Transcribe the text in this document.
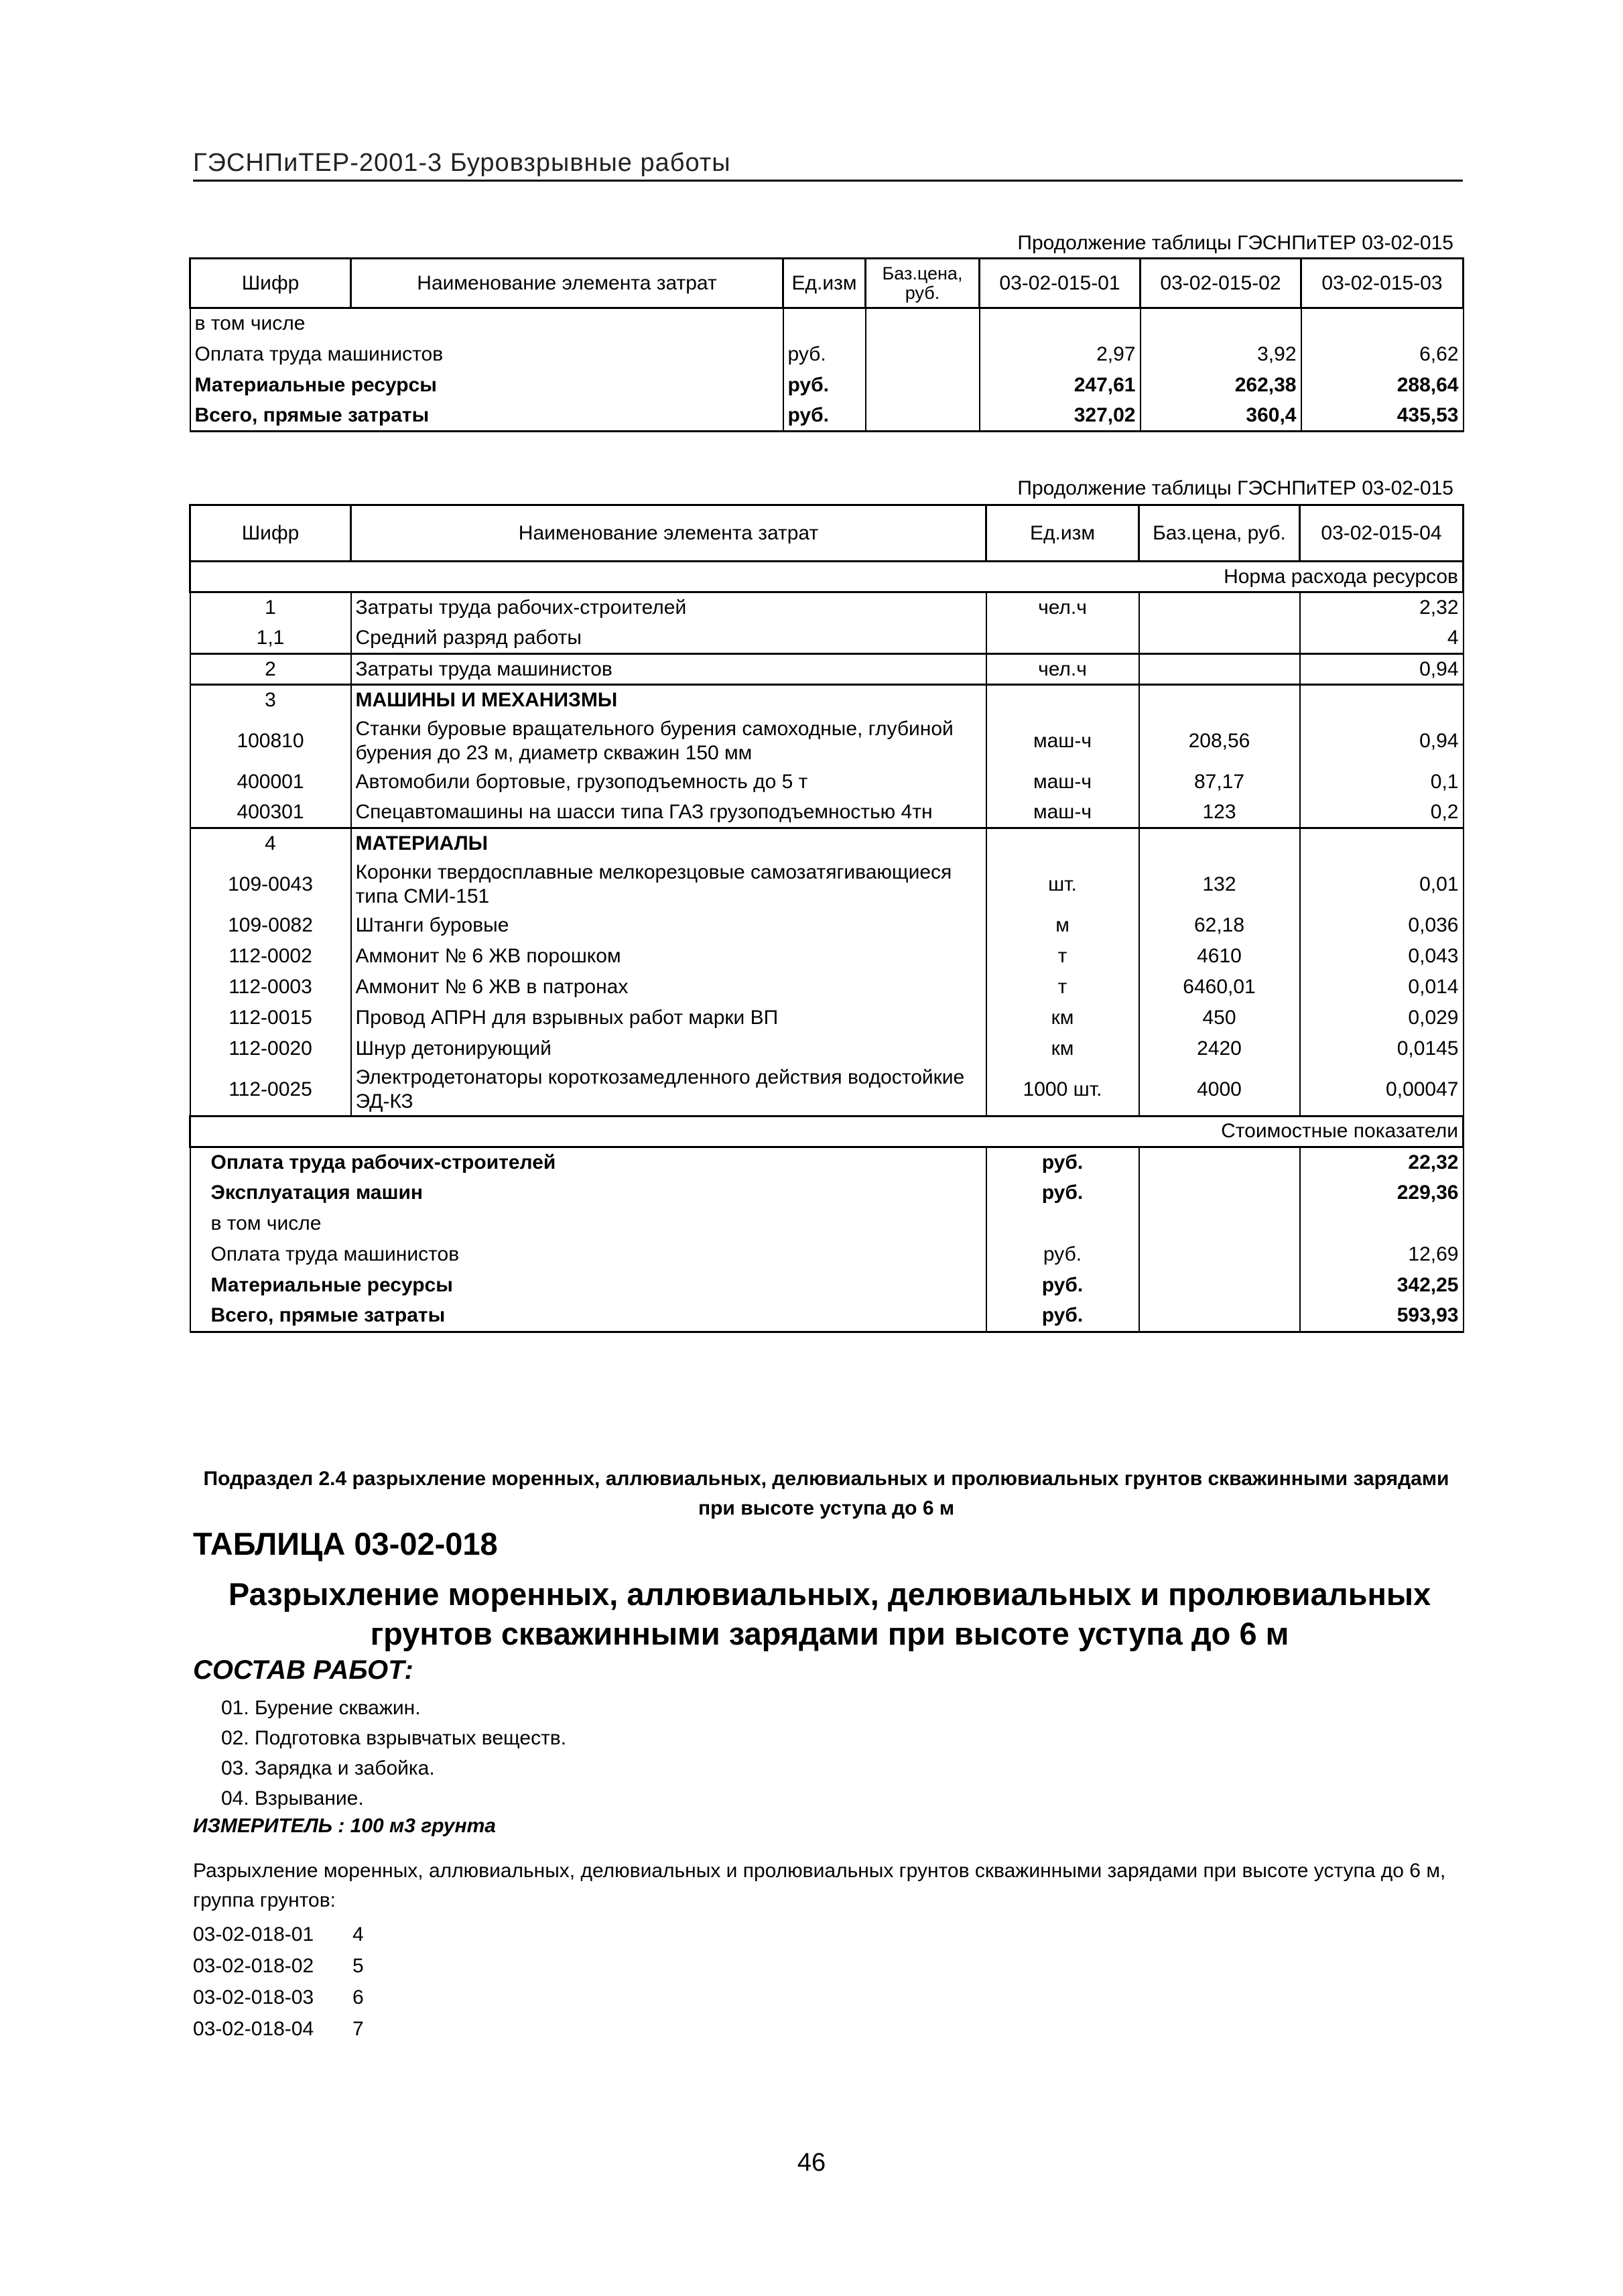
ГЭСНПиТЕР-2001-3 Буровзрывные работы
Продолжение таблицы ГЭСНПиТЕР 03-02-015
Шифр	Наименование элемента затрат	Ед.изм	Баз.цена, руб.	03-02-015-01	03-02-015-02	03-02-015-03
в том числе						
Оплата труда машинистов		руб.		2,97	3,92	6,62
Материальные ресурсы		руб.		247,61	262,38	288,64
Всего, прямые затраты		руб.		327,02	360,4	435,53
Продолжение таблицы ГЭСНПиТЕР 03-02-015
Шифр	Наименование элемента затрат	Ед.изм	Баз.цена, руб.	03-02-015-04
Норма расхода ресурсов				
1	Затраты труда рабочих-строителей	чел.ч		2,32
1,1	Средний разряд работы			4
2	Затраты труда машинистов	чел.ч		0,94
3	МАШИНЫ И МЕХАНИЗМЫ			
100810	Станки буровые вращательного бурения самоходные, глубиной бурения до 23 м, диаметр скважин 150 мм	маш-ч	208,56	0,94
400001	Автомобили бортовые, грузоподъемность до 5 т	маш-ч	87,17	0,1
400301	Спецавтомашины на шасси типа ГАЗ грузоподъемностью 4тн	маш-ч	123	0,2
4	МАТЕРИАЛЫ			
109-0043	Коронки твердосплавные мелкорезцовые самозатягивающиеся типа СМИ-151	шт.	132	0,01
109-0082	Штанги буровые	м	62,18	0,036
112-0002	Аммонит № 6 ЖВ порошком	т	4610	0,043
112-0003	Аммонит № 6 ЖВ в патронах	т	6460,01	0,014
112-0015	Провод АПРН для взрывных работ марки ВП	км	450	0,029
112-0020	Шнур детонирующий	км	2420	0,0145
112-0025	Электродетонаторы короткозамедленного действия водостойкие ЭД-КЗ	1000 шт.	4000	0,00047
Стоимостные показатели				
Оплата труда рабочих-строителей		руб.		22,32
Эксплуатация машин		руб.		229,36
в том числе				
Оплата труда машинистов		руб.		12,69
Материальные ресурсы		руб.		342,25
Всего, прямые затраты		руб.		593,93
Подраздел 2.4 разрыхление моренных, аллювиальных, делювиальных и пролювиальных грунтов скважинными зарядами при высоте уступа до 6 м
ТАБЛИЦА 03-02-018
Разрыхление моренных, аллювиальных, делювиальных и пролювиальных грунтов скважинными зарядами при высоте уступа до 6 м
СОСТАВ РАБОТ:
01. Бурение скважин.
02. Подготовка взрывчатых веществ.
03. Зарядка и забойка.
04. Взрывание.
ИЗМЕРИТЕЛЬ : 100 м3 грунта
Разрыхление моренных, аллювиальных, делювиальных и пролювиальных грунтов скважинными зарядами при высоте уступа до 6 м, группа грунтов:
03-02-018-01 4
03-02-018-02 5
03-02-018-03 6
03-02-018-04 7
46
